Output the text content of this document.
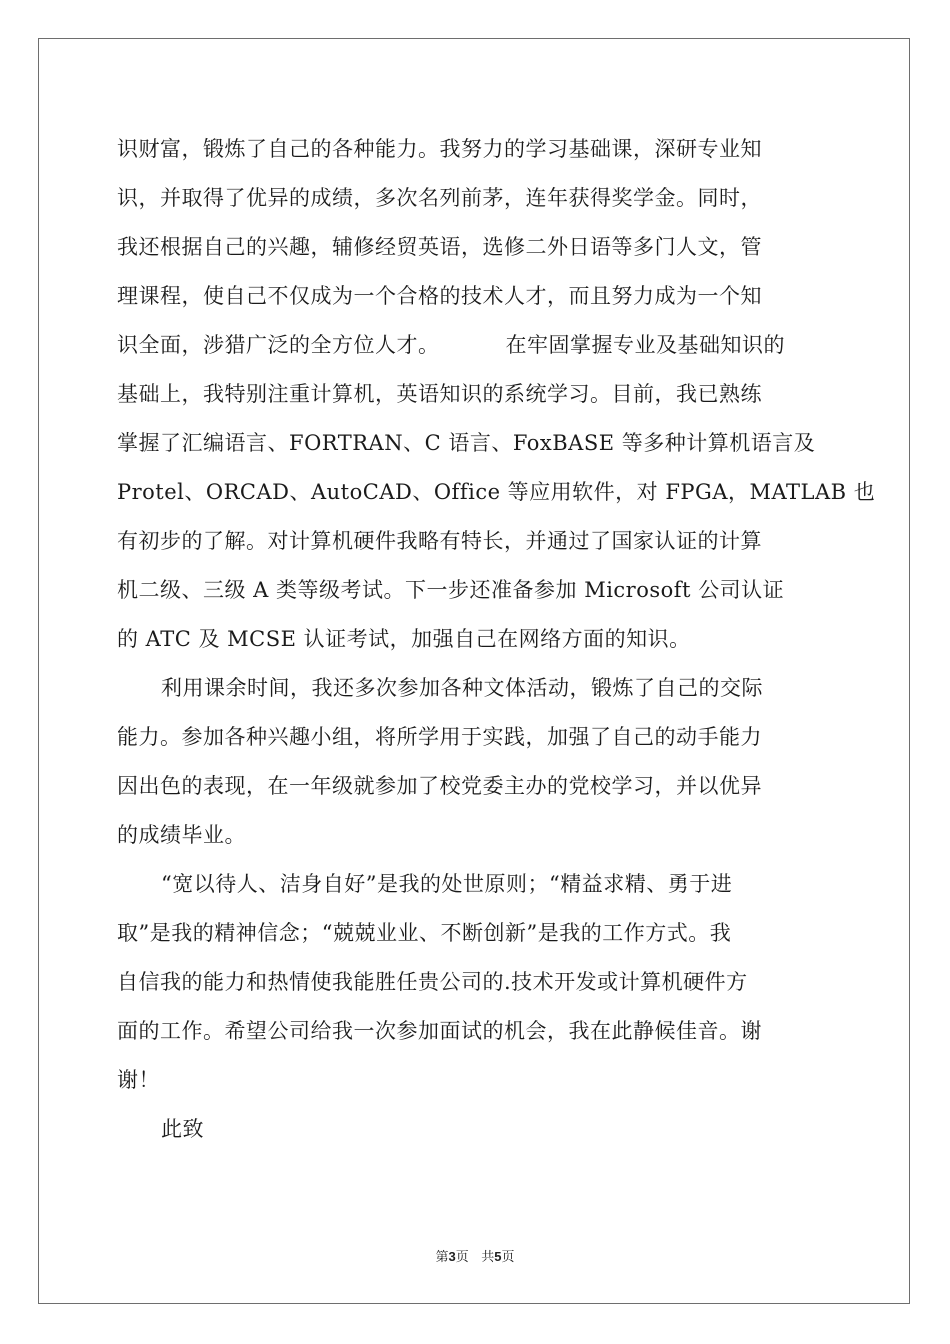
识财富，锻炼了自己的各种能力。我努力的学习基础课，深研专业知
识，并取得了优异的成绩，多次名列前茅，连年获得奖学金。同时，
我还根据自己的兴趣，辅修经贸英语，选修二外日语等多门人文，管
理课程，使自己不仅成为一个合格的技术人才，而且努力成为一个知
识全面，涉猎广泛的全方位人才。	在牢固掌握专业及基础知识的
基础上，我特别注重计算机，英语知识的系统学习。目前，我已熟练
掌握了汇编语言、FORTRAN、C 语言、FoxBASE 等多种计算机语言及
Protel、ORCAD、AutoCAD、Office 等应用软件，对 FPGA，MATLAB 也
有初步的了解。对计算机硬件我略有特长，并通过了国家认证的计算
机二级、三级 A 类等级考试。下一步还准备参加 Microsoft 公司认证
的 ATC 及 MCSE 认证考试，加强自己在网络方面的知识。
利用课余时间，我还多次参加各种文体活动，锻炼了自己的交际
能力。参加各种兴趣小组，将所学用于实践，加强了自己的动手能力
因出色的表现，在一年级就参加了校党委主办的党校学习，并以优异
的成绩毕业。
“宽以待人、洁身自好”是我的处世原则；“精益求精、勇于进
取”是我的精神信念；“兢兢业业、不断创新”是我的工作方式。我
自信我的能力和热情使我能胜任贵公司的.技术开发或计算机硬件方
面的工作。希望公司给我一次参加面试的机会，我在此静候佳音。谢
谢！
此致
第3页 共5页
